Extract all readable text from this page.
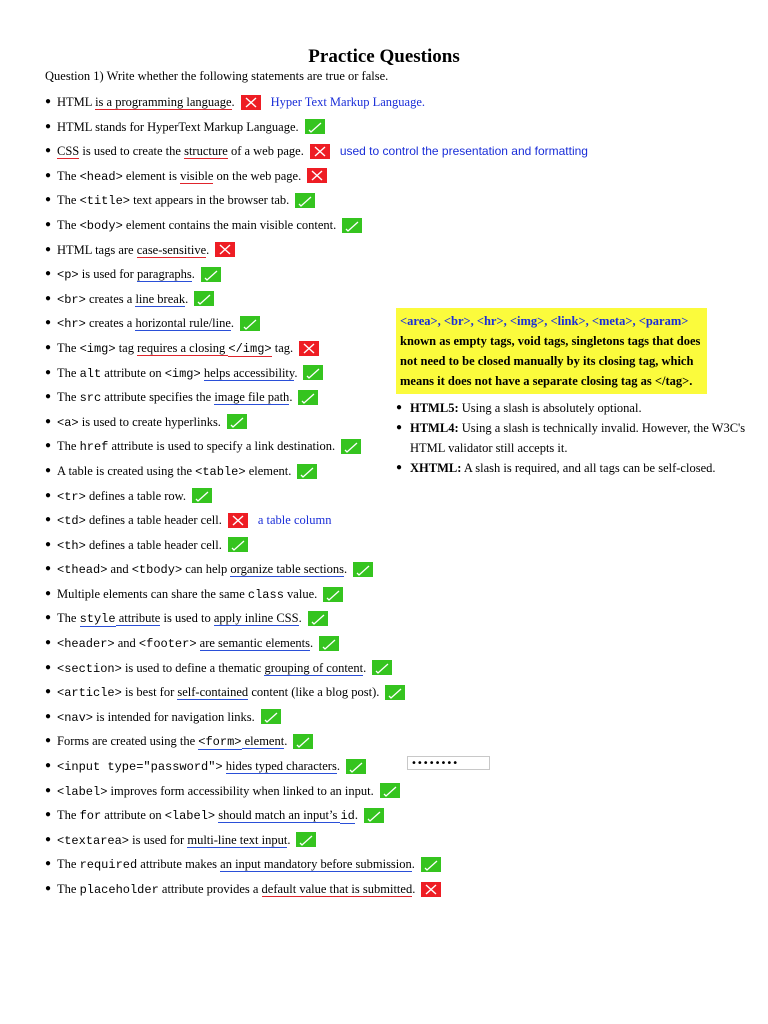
Practice Questions
Question 1) Write whether the following statements are true or false.
● HTML is a programming language.	Hyper Text Markup Language.
● HTML stands for HyperText Markup Language.
● CSS is used to create the structure of a web page.	used to control the presentation and formatting
● The <head> element is visible on the web page.
● The <title> text appears in the browser tab.
● The <body> element contains the main visible content.
● HTML tags are case-sensitive.
● <p> is used for paragraphs.
● <br> creates a line break.
● <hr> creates a horizontal rule/line.
● The <img> tag requires a closing </img> tag.
● The alt attribute on <img> helps accessibility.
● The src attribute specifies the image file path.
● <a> is used to create hyperlinks.
● The href attribute is used to specify a link destination.
● A table is created using the <table> element.
● <tr> defines a table row.
● <td> defines a table header cell.	a table column
● <th> defines a table header cell.
● <thead> and <tbody> can help organize table sections.
● Multiple elements can share the same class value.
● The style attribute is used to apply inline CSS.
● <header> and <footer> are semantic elements.
● <section> is used to define a thematic grouping of content.
● <article> is best for self-contained content (like a blog post).
● <nav> is intended for navigation links.
● Forms are created using the <form> element.
● <input type="password"> hides typed characters.
● <label> improves form accessibility when linked to an input.
● The for attribute on <label> should match an input’s id.
● <textarea> is used for multi-line text input.
● The required attribute makes an input mandatory before submission.
● The placeholder attribute provides a default value that is submitted.
<area>, <br>, <hr>, <img>, <link>, <meta>, <param> known as empty tags, void tags, singletons tags that does not need to be closed manually by its closing tag, which means it does not have a separate closing tag as </tag>.
● HTML5: Using a slash is absolutely optional.
● HTML4: Using a slash is technically invalid. However, the W3C's HTML validator still accepts it.
● XHTML: A slash is required, and all tags can be self-closed.
••••••••
